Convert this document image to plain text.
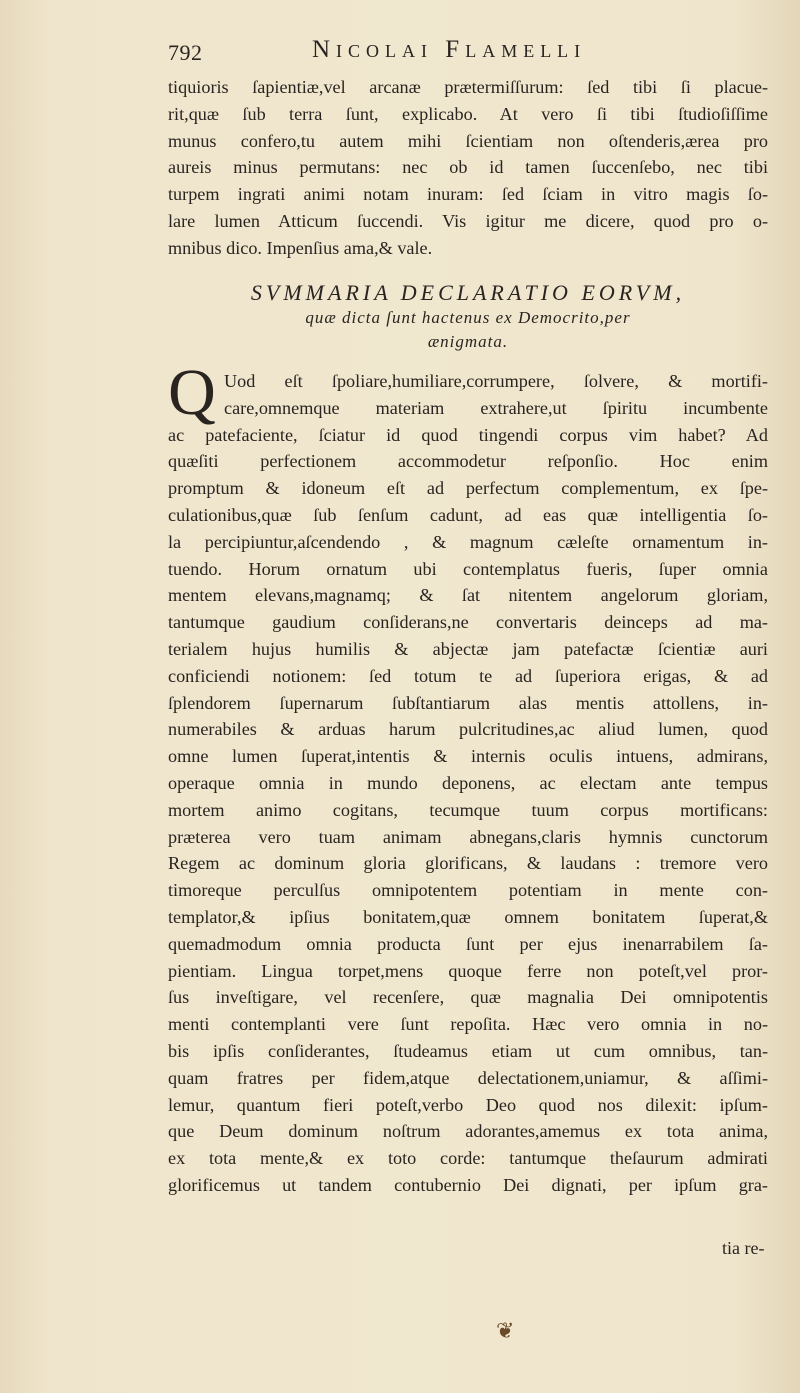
792	Nicolai Flamelli
tiquioris ſapientiæ,vel arcanæ prætermiſſurum: ſed tibi ſi placue-
rit,quæ ſub terra ſunt, explicabo. At vero ſi tibi ſtudioſiſſime
munus confero,tu autem mihi ſcientiam non oſtenderis,ærea pro
aureis minus permutans: nec ob id tamen ſuccenſebo, nec tibi
turpem ingrati animi notam inuram: ſed ſciam in vitro magis ſo-
lare lumen Atticum ſuccendi. Vis igitur me dicere, quod pro o-
mnibus dico. Impenſius ama,& vale.

SVMMARIA DECLARATIO EORVM,

quæ dicta ſunt hactenus ex Democrito,per

ænigmata.

Q Uod eſt ſpoliare,humiliare,corrumpere, ſolvere, & mortifi-
care,omnemque materiam extrahere,ut ſpiritu incumbente
ac patefaciente, ſciatur id quod tingendi corpus vim habet? Ad
quæſiti perfectionem accommodetur reſponſio. Hoc enim
promptum & idoneum eſt ad perfectum complementum, ex ſpe-
culationibus,quæ ſub ſenſum cadunt, ad eas quæ intelligentia ſo-
la percipiuntur,aſcendendo , & magnum cæleſte ornamentum in-
tuendo. Horum ornatum ubi contemplatus fueris, ſuper omnia
mentem elevans,magnamq; & ſat nitentem angelorum gloriam,
tantumque gaudium conſiderans,ne convertaris deinceps ad ma-
terialem hujus humilis & abjectæ jam patefactæ ſcientiæ auri
conficiendi notionem: ſed totum te ad ſuperiora erigas, & ad
ſplendorem ſupernarum ſubſtantiarum alas mentis attollens, in-
numerabiles & arduas harum pulcritudines,ac aliud lumen, quod
omne lumen ſuperat,intentis & internis oculis intuens, admirans,
operaque omnia in mundo deponens, ac electam ante tempus
mortem animo cogitans, tecumque tuum corpus mortificans:
præterea vero tuam animam abnegans,claris hymnis cunctorum
Regem ac dominum gloria glorificans, & laudans : tremore vero
timoreque perculſus omnipotentem potentiam in mente con-
templator,& ipſius bonitatem,quæ omnem bonitatem ſuperat,&
quemadmodum omnia producta ſunt per ejus inenarrabilem ſa-
pientiam. Lingua torpet,mens quoque ferre non poteſt,vel pror-
ſus inveſtigare, vel recenſere, quæ magnalia Dei omnipotentis
menti contemplanti vere ſunt repoſita. Hæc vero omnia in no-
bis ipſis conſiderantes, ſtudeamus etiam ut cum omnibus, tan-
quam fratres per fidem,atque delectationem,uniamur, & aſſimi-
lemur, quantum fieri poteſt,verbo Deo quod nos dilexit: ipſum-
que Deum dominum noſtrum adorantes,amemus ex tota anima,
ex tota mente,& ex toto corde: tantumque theſaurum admirati
glorificemus ut tandem contubernio Dei dignati, per ipſum gra-
tia re-
❦
